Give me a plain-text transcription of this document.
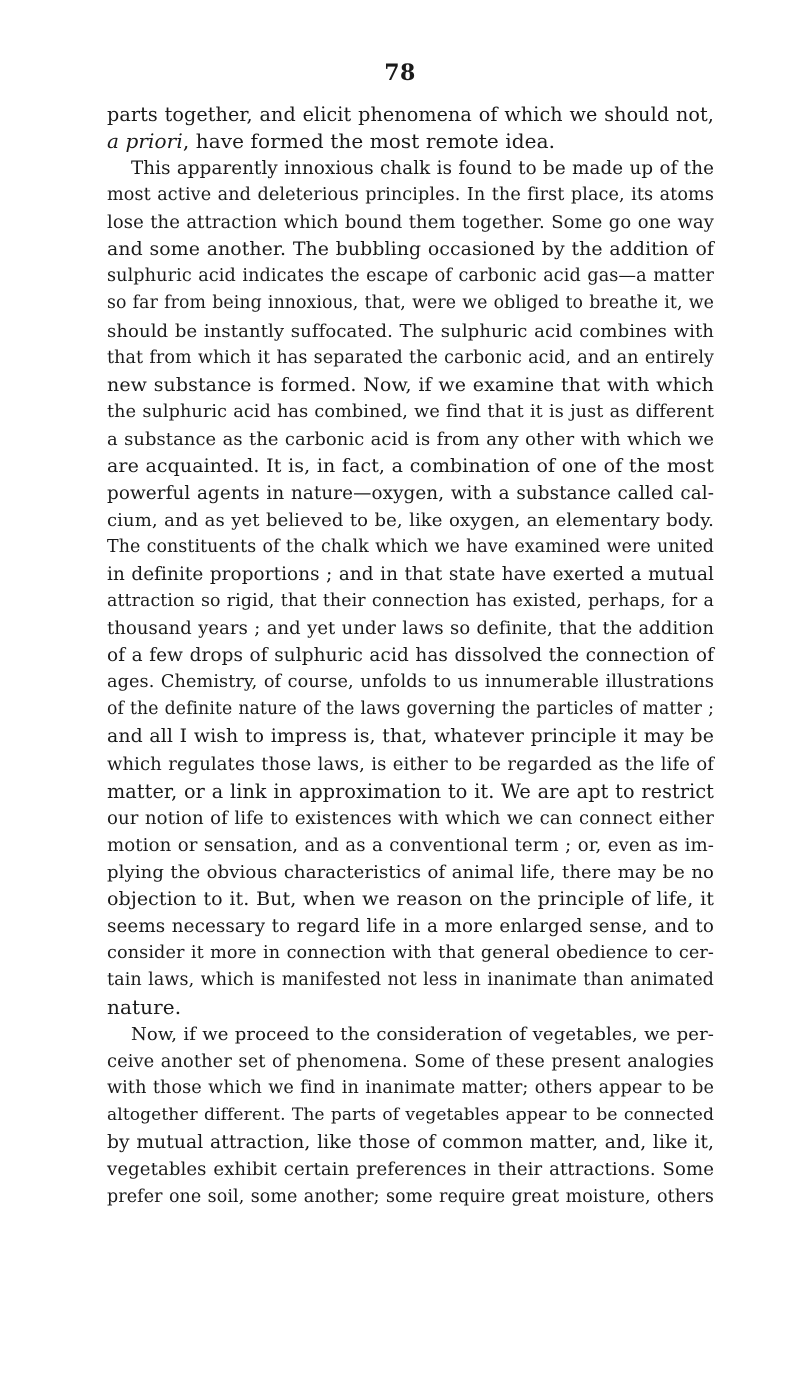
78
parts together, and elicit phenomena of which we should not,
a priori, have formed the most remote idea.
This apparently innoxious chalk is found to be made up of the
most active and deleterious principles. In the first place, its atoms
lose the attraction which bound them together. Some go one way
and some another. The bubbling occasioned by the addition of
sulphuric acid indicates the escape of carbonic acid gas—a matter
so far from being innoxious, that, were we obliged to breathe it, we
should be instantly suffocated. The sulphuric acid combines with
that from which it has separated the carbonic acid, and an entirely
new substance is formed. Now, if we examine that with which
the sulphuric acid has combined, we find that it is just as different
a substance as the carbonic acid is from any other with which we
are acquainted. It is, in fact, a combination of one of the most
powerful agents in nature—oxygen, with a substance called cal-
cium, and as yet believed to be, like oxygen, an elementary body.
The constituents of the chalk which we have examined were united
in definite proportions ; and in that state have exerted a mutual
attraction so rigid, that their connection has existed, perhaps, for a
thousand years ; and yet under laws so definite, that the addition
of a few drops of sulphuric acid has dissolved the connection of
ages. Chemistry, of course, unfolds to us innumerable illustrations
of the definite nature of the laws governing the particles of matter ;
and all I wish to impress is, that, whatever principle it may be
which regulates those laws, is either to be regarded as the life of
matter, or a link in approximation to it. We are apt to restrict
our notion of life to existences with which we can connect either
motion or sensation, and as a conventional term ; or, even as im-
plying the obvious characteristics of animal life, there may be no
objection to it. But, when we reason on the principle of life, it
seems necessary to regard life in a more enlarged sense, and to
consider it more in connection with that general obedience to cer-
tain laws, which is manifested not less in inanimate than animated
nature.
Now, if we proceed to the consideration of vegetables, we per-
ceive another set of phenomena. Some of these present analogies
with those which we find in inanimate matter; others appear to be
altogether different. The parts of vegetables appear to be connected
by mutual attraction, like those of common matter, and, like it,
vegetables exhibit certain preferences in their attractions. Some
prefer one soil, some another; some require great moisture, others
